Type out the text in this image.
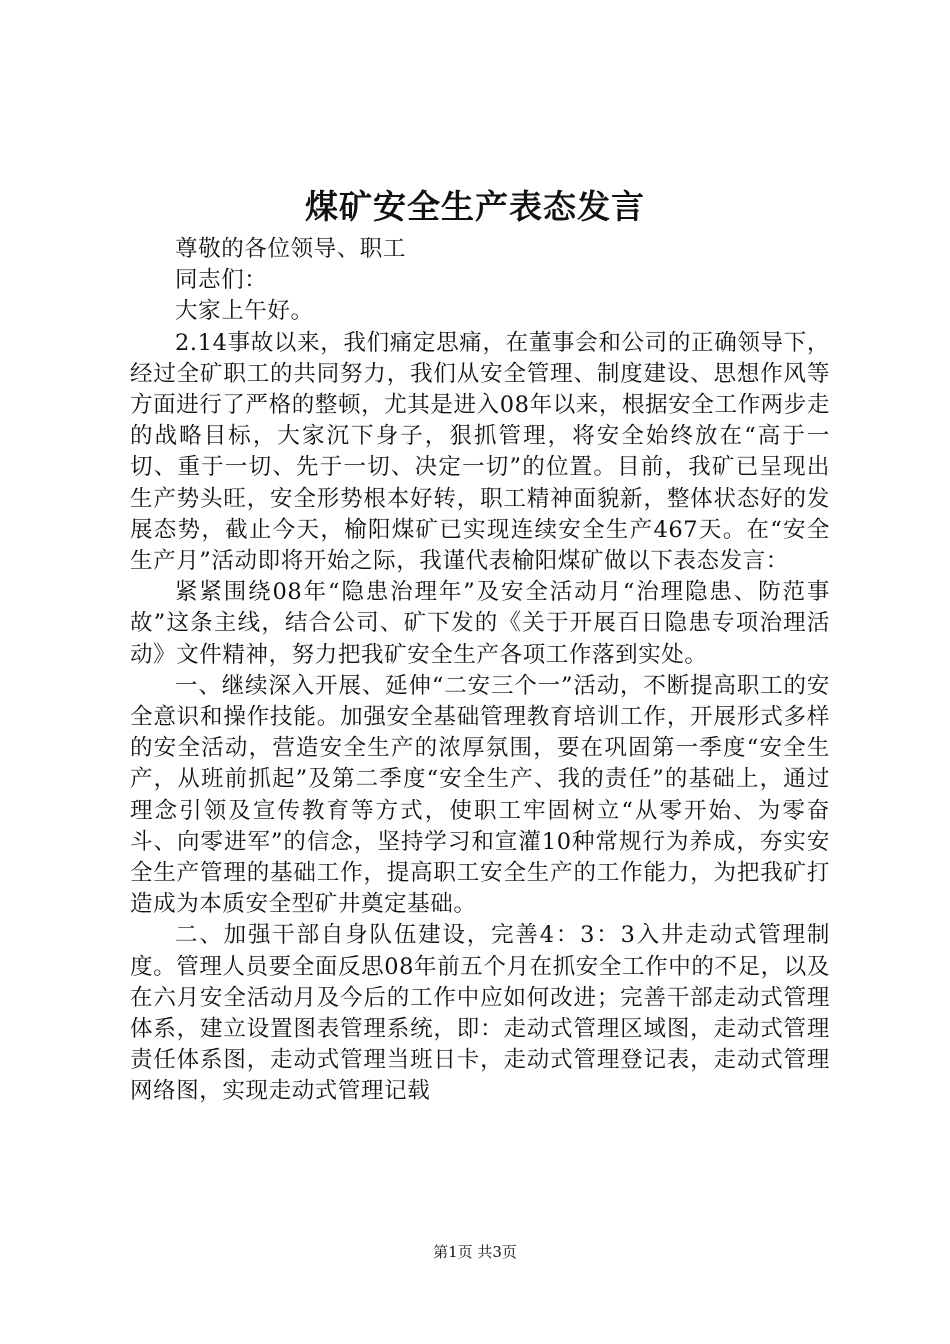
煤矿安全生产表态发言

尊敬的各位领导、职工

同志们：

大家上午好。

2.14事故以来，我们痛定思痛，在董事会和公司的正确领导下，经过全矿职工的共同努力，我们从安全管理、制度建设、思想作风等方面进行了严格的整顿，尤其是进入08年以来，根据安全工作两步走的战略目标，大家沉下身子，狠抓管理，将安全始终放在“高于一切、重于一切、先于一切、决定一切”的位置。目前，我矿已呈现出生产势头旺，安全形势根本好转，职工精神面貌新，整体状态好的发展态势，截止今天，榆阳煤矿已实现连续安全生产467天。在“安全生产月”活动即将开始之际，我谨代表榆阳煤矿做以下表态发言：

紧紧围绕08年“隐患治理年”及安全活动月“治理隐患、防范事故”这条主线，结合公司、矿下发的《关于开展百日隐患专项治理活动》文件精神，努力把我矿安全生产各项工作落到实处。

一、继续深入开展、延伸“二安三个一”活动，不断提高职工的安全意识和操作技能。加强安全基础管理教育培训工作，开展形式多样的安全活动，营造安全生产的浓厚氛围，要在巩固第一季度“安全生产，从班前抓起”及第二季度“安全生产、我的责任”的基础上，通过理念引领及宣传教育等方式，使职工牢固树立“从零开始、为零奋斗、向零进军”的信念，坚持学习和宣灌10种常规行为养成，夯实安全生产管理的基础工作，提高职工安全生产的工作能力，为把我矿打造成为本质安全型矿井奠定基础。

二、加强干部自身队伍建设，完善4：3：3入井走动式管理制度。管理人员要全面反思08年前五个月在抓安全工作中的不足，以及在六月安全活动月及今后的工作中应如何改进；完善干部走动式管理体系，建立设置图表管理系统，即：走动式管理区域图，走动式管理责任体系图，走动式管理当班日卡，走动式管理登记表，走动式管理网络图，实现走动式管理记载

第1页 共3页
